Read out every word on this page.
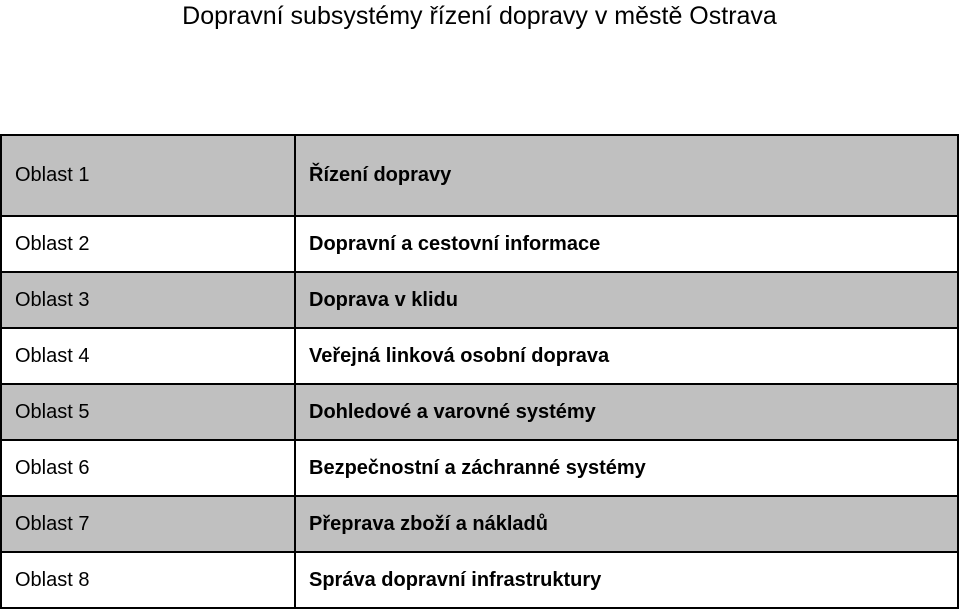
Dopravní subsystémy řízení dopravy v městě Ostrava
Oblast 1	Řízení dopravy
Oblast 2	Dopravní a cestovní informace
Oblast 3	Doprava v klidu
Oblast 4	Veřejná linková osobní doprava
Oblast 5	Dohledové a varovné systémy
Oblast 6	Bezpečnostní a záchranné systémy
Oblast 7	Přeprava zboží a nákladů
Oblast 8	Správa dopravní infrastruktury
